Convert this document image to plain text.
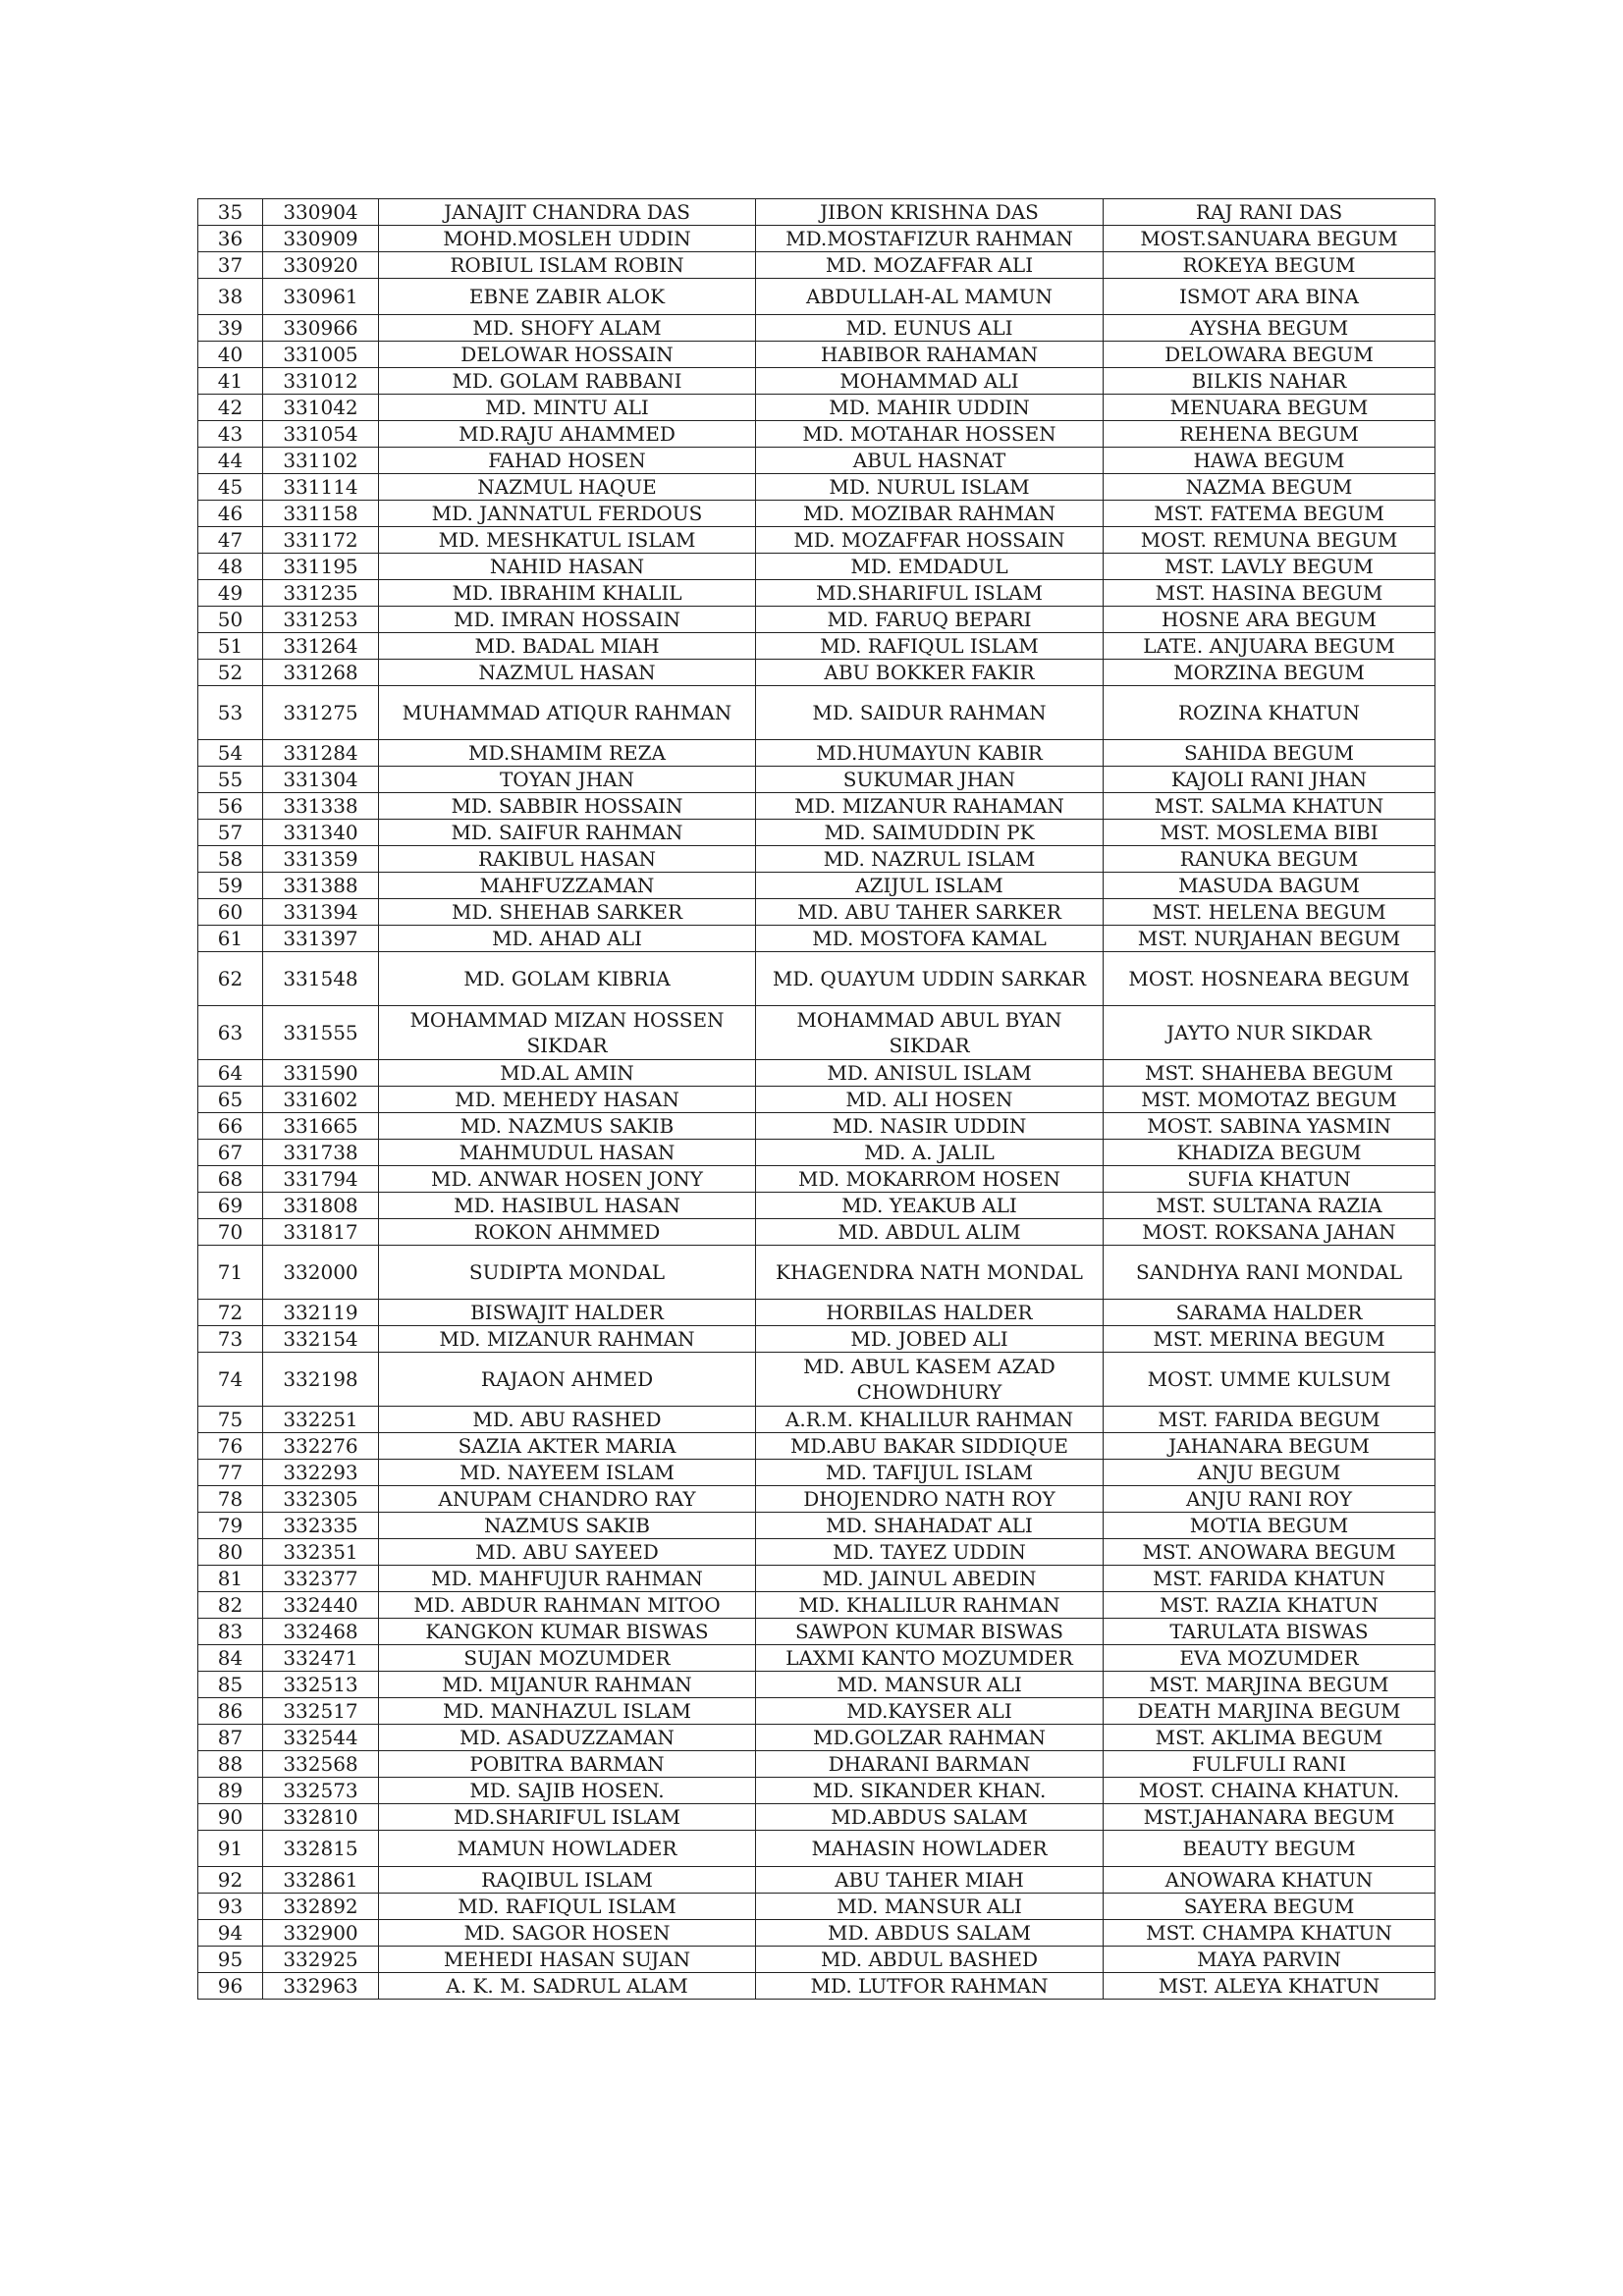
35	330904	JANAJIT CHANDRA DAS	JIBON KRISHNA DAS	RAJ RANI DAS
36	330909	MOHD.MOSLEH UDDIN	MD.MOSTAFIZUR RAHMAN	MOST.SANUARA BEGUM
37	330920	ROBIUL ISLAM ROBIN	MD. MOZAFFAR ALI	ROKEYA BEGUM
38	330961	EBNE ZABIR ALOK	ABDULLAH-AL MAMUN	ISMOT ARA BINA
39	330966	MD. SHOFY ALAM	MD. EUNUS ALI	AYSHA BEGUM
40	331005	DELOWAR HOSSAIN	HABIBOR RAHAMAN	DELOWARA BEGUM
41	331012	MD. GOLAM RABBANI	MOHAMMAD ALI	BILKIS NAHAR
42	331042	MD. MINTU ALI	MD. MAHIR UDDIN	MENUARA BEGUM
43	331054	MD.RAJU AHAMMED	MD. MOTAHAR HOSSEN	REHENA BEGUM
44	331102	FAHAD HOSEN	ABUL HASNAT	HAWA BEGUM
45	331114	NAZMUL HAQUE	MD. NURUL ISLAM	NAZMA BEGUM
46	331158	MD. JANNATUL FERDOUS	MD. MOZIBAR RAHMAN	MST. FATEMA BEGUM
47	331172	MD. MESHKATUL ISLAM	MD. MOZAFFAR HOSSAIN	MOST. REMUNA BEGUM
48	331195	NAHID HASAN	MD. EMDADUL	MST. LAVLY BEGUM
49	331235	MD. IBRAHIM KHALIL	MD.SHARIFUL ISLAM	MST. HASINA BEGUM
50	331253	MD. IMRAN HOSSAIN	MD. FARUQ BEPARI	HOSNE ARA BEGUM
51	331264	MD. BADAL MIAH	MD. RAFIQUL ISLAM	LATE. ANJUARA BEGUM
52	331268	NAZMUL HASAN	ABU BOKKER FAKIR	MORZINA BEGUM
53	331275	MUHAMMAD ATIQUR RAHMAN	MD. SAIDUR RAHMAN	ROZINA KHATUN
54	331284	MD.SHAMIM REZA	MD.HUMAYUN KABIR	SAHIDA BEGUM
55	331304	TOYAN JHAN	SUKUMAR JHAN	KAJOLI RANI JHAN
56	331338	MD. SABBIR HOSSAIN	MD. MIZANUR RAHAMAN	MST. SALMA KHATUN
57	331340	MD. SAIFUR RAHMAN	MD. SAIMUDDIN PK	MST. MOSLEMA BIBI
58	331359	RAKIBUL HASAN	MD. NAZRUL ISLAM	RANUKA BEGUM
59	331388	MAHFUZZAMAN	AZIJUL ISLAM	MASUDA BAGUM
60	331394	MD. SHEHAB SARKER	MD. ABU TAHER SARKER	MST. HELENA BEGUM
61	331397	MD. AHAD ALI	MD. MOSTOFA KAMAL	MST. NURJAHAN BEGUM
62	331548	MD. GOLAM KIBRIA	MD. QUAYUM UDDIN SARKAR	MOST. HOSNEARA BEGUM
63	331555	MOHAMMAD MIZAN HOSSEN SIKDAR	MOHAMMAD ABUL BYAN SIKDAR	JAYTO NUR SIKDAR
64	331590	MD.AL AMIN	MD. ANISUL ISLAM	MST. SHAHEBA BEGUM
65	331602	MD. MEHEDY HASAN	MD. ALI HOSEN	MST. MOMOTAZ BEGUM
66	331665	MD. NAZMUS SAKIB	MD. NASIR UDDIN	MOST. SABINA YASMIN
67	331738	MAHMUDUL HASAN	MD. A. JALIL	KHADIZA BEGUM
68	331794	MD. ANWAR HOSEN JONY	MD. MOKARROM HOSEN	SUFIA KHATUN
69	331808	MD. HASIBUL HASAN	MD. YEAKUB ALI	MST. SULTANA RAZIA
70	331817	ROKON AHMMED	MD. ABDUL ALIM	MOST. ROKSANA JAHAN
71	332000	SUDIPTA MONDAL	KHAGENDRA NATH MONDAL	SANDHYA RANI MONDAL
72	332119	BISWAJIT HALDER	HORBILAS HALDER	SARAMA HALDER
73	332154	MD. MIZANUR RAHMAN	MD. JOBED ALI	MST. MERINA BEGUM
74	332198	RAJAON AHMED	MD. ABUL KASEM AZAD CHOWDHURY	MOST. UMME KULSUM
75	332251	MD. ABU RASHED	A.R.M. KHALILUR RAHMAN	MST. FARIDA BEGUM
76	332276	SAZIA AKTER MARIA	MD.ABU BAKAR SIDDIQUE	JAHANARA BEGUM
77	332293	MD. NAYEEM ISLAM	MD. TAFIJUL ISLAM	ANJU BEGUM
78	332305	ANUPAM CHANDRO RAY	DHOJENDRO NATH ROY	ANJU RANI ROY
79	332335	NAZMUS SAKIB	MD. SHAHADAT ALI	MOTIA BEGUM
80	332351	MD. ABU SAYEED	MD. TAYEZ UDDIN	MST. ANOWARA BEGUM
81	332377	MD. MAHFUJUR RAHMAN	MD. JAINUL ABEDIN	MST. FARIDA KHATUN
82	332440	MD. ABDUR RAHMAN MITOO	MD. KHALILUR RAHMAN	MST. RAZIA KHATUN
83	332468	KANGKON KUMAR BISWAS	SAWPON KUMAR BISWAS	TARULATA BISWAS
84	332471	SUJAN MOZUMDER	LAXMI KANTO MOZUMDER	EVA MOZUMDER
85	332513	MD. MIJANUR RAHMAN	MD. MANSUR ALI	MST. MARJINA BEGUM
86	332517	MD. MANHAZUL ISLAM	MD.KAYSER ALI	DEATH MARJINA BEGUM
87	332544	MD. ASADUZZAMAN	MD.GOLZAR RAHMAN	MST. AKLIMA BEGUM
88	332568	POBITRA BARMAN	DHARANI BARMAN	FULFULI RANI
89	332573	MD. SAJIB HOSEN.	MD. SIKANDER KHAN.	MOST. CHAINA KHATUN.
90	332810	MD.SHARIFUL ISLAM	MD.ABDUS SALAM	MST.JAHANARA BEGUM
91	332815	MAMUN HOWLADER	MAHASIN HOWLADER	BEAUTY BEGUM
92	332861	RAQIBUL ISLAM	ABU TAHER MIAH	ANOWARA KHATUN
93	332892	MD. RAFIQUL ISLAM	MD. MANSUR ALI	SAYERA BEGUM
94	332900	MD. SAGOR HOSEN	MD. ABDUS SALAM	MST. CHAMPA KHATUN
95	332925	MEHEDI HASAN SUJAN	MD. ABDUL BASHED	MAYA PARVIN
96	332963	A. K. M. SADRUL ALAM	MD. LUTFOR RAHMAN	MST. ALEYA KHATUN
